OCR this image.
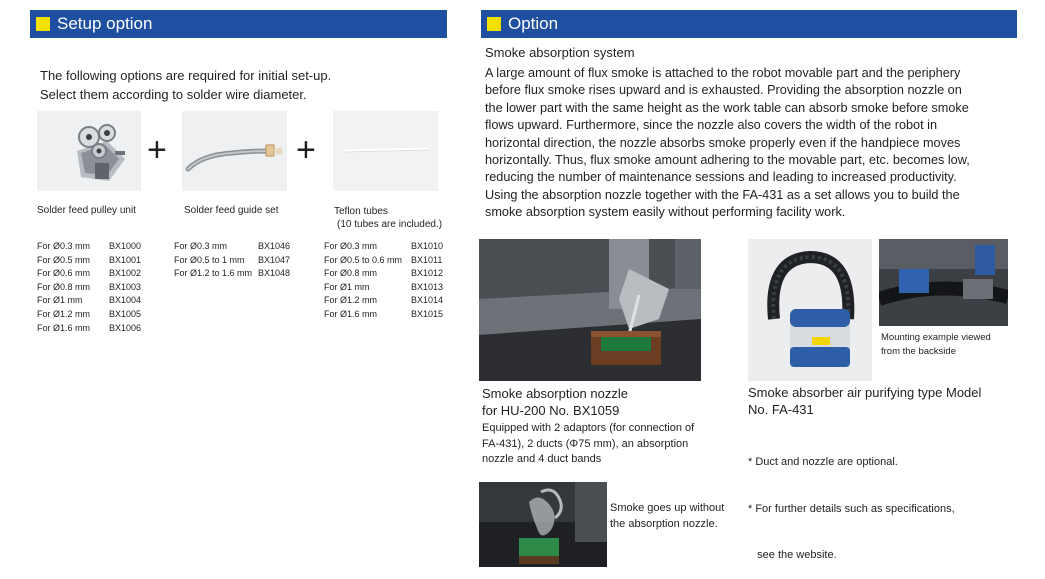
Setup option
The following options are required for initial set-up.
Select them according to solder wire diameter.
+	+
Solder feed pulley unit	Solder feed guide set	Teflon tubes
(10 tubes are included.)
For Ø0.3 mm	BX1000
For Ø0.5 mm	BX1001
For Ø0.6 mm	BX1002
For Ø0.8 mm	BX1003
For Ø1 mm	BX1004
For Ø1.2 mm	BX1005
For Ø1.6 mm	BX1006
For Ø0.3 mm	BX1046
For Ø0.5 to 1 mm	BX1047
For Ø1.2 to 1.6 mm BX1048
For Ø0.3 mm	BX1010
For Ø0.5 to 0.6 mm BX1011
For Ø0.8 mm	BX1012
For Ø1 mm	BX1013
For Ø1.2 mm	BX1014
For Ø1.6 mm	BX1015
Option
Smoke absorption system
A large amount of flux smoke is attached to the robot movable part and the periphery
before flux smoke rises upward and is exhausted. Providing the absorption nozzle on
the lower part with the same height as the work table can absorb smoke before smoke
flows upward. Furthermore, since the nozzle also covers the width of the robot in
horizontal direction, the nozzle absorbs smoke properly even if the handpiece moves
horizontally. Thus, flux smoke amount adhering to the movable part, etc. becomes low,
reducing the number of maintenance sessions and leading to increased productivity.
Using the absorption nozzle together with the FA-431 as a set allows you to build the
smoke absorption system easily without performing facility work.
Smoke absorption nozzle
for HU-200 No. BX1059
Equipped with 2 adaptors (for connection of
FA-431), 2 ducts (Φ75 mm), an absorption
nozzle and 4 duct bands
Smoke goes up without
the absorption nozzle.
Mounting example viewed
from the backside
Smoke absorber air purifying type Model
No. FA-431

* Duct and nozzle are optional.

* For further details such as specifications,

see the website.
